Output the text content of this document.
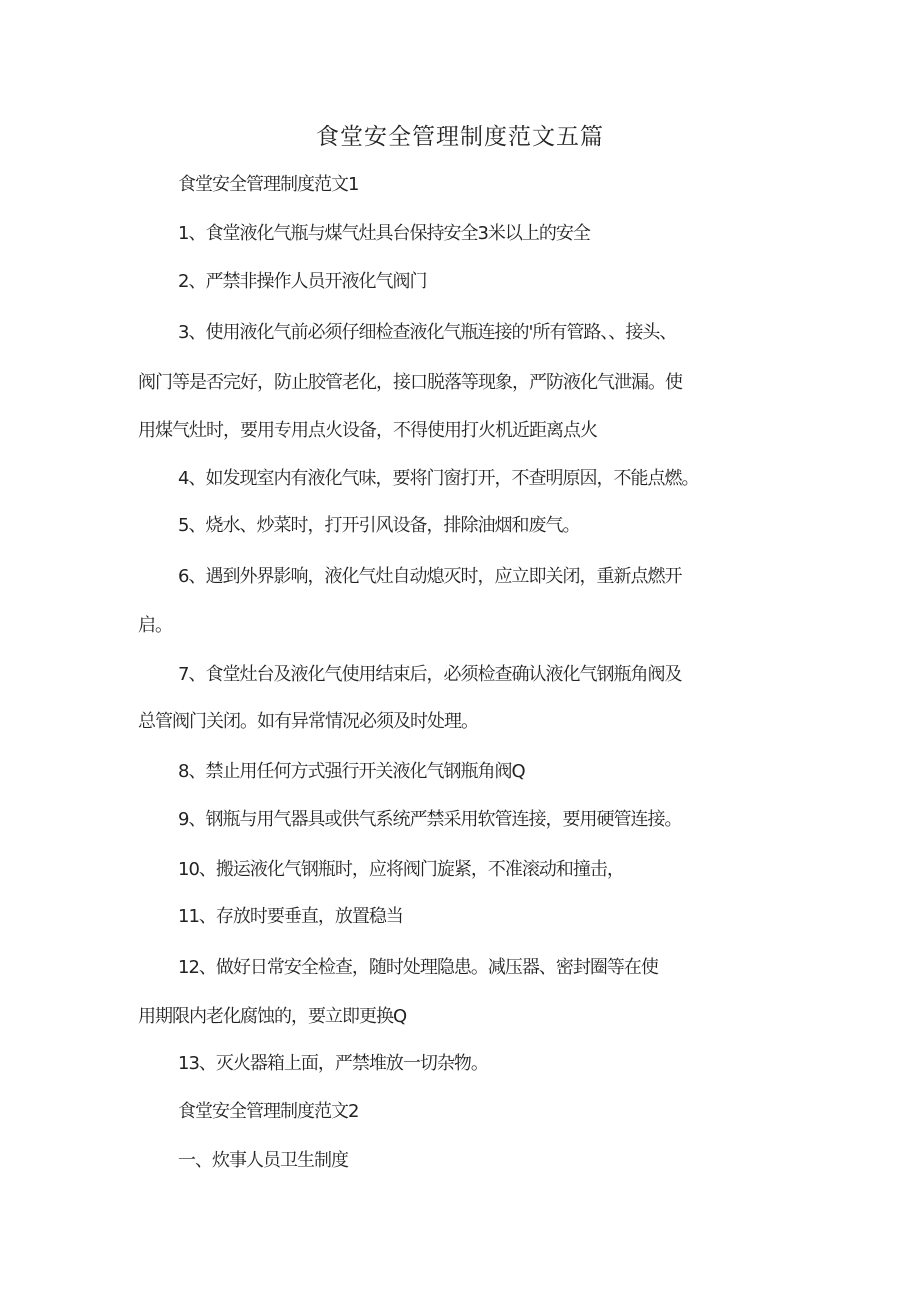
食堂安全管理制度范文五篇
食堂安全管理制度范文1
1、食堂液化气瓶与煤气灶具台保持安全3米以上的安全
2、严禁非操作人员开液化气阀门
3、使用液化气前必须仔细检查液化气瓶连接的'所有管路、、接头、
阀门等是否完好，防止胶管老化，接口脱落等现象，严防液化气泄漏。使
用煤气灶时，要用专用点火设备，不得使用打火机近距离点火
4、如发现室内有液化气味，要将门窗打开，不查明原因，不能点燃。
5、烧水、炒菜时，打开引风设备，排除油烟和废气。
6、遇到外界影响，液化气灶自动熄灭时，应立即关闭，重新点燃开
启。
7、食堂灶台及液化气使用结束后，必须检查确认液化气钢瓶角阀及
总管阀门关闭。如有异常情况必须及时处理。
8、禁止用任何方式强行开关液化气钢瓶角阀Q
9、钢瓶与用气器具或供气系统严禁采用软管连接，要用硬管连接。
10、搬运液化气钢瓶时，应将阀门旋紧，不准滚动和撞击，
11、存放时要垂直，放置稳当
12、做好日常安全检查，随时处理隐患。减压器、密封圈等在使
用期限内老化腐蚀的，要立即更换Q
13、灭火器箱上面，严禁堆放一切杂物。
食堂安全管理制度范文2
一、炊事人员卫生制度
